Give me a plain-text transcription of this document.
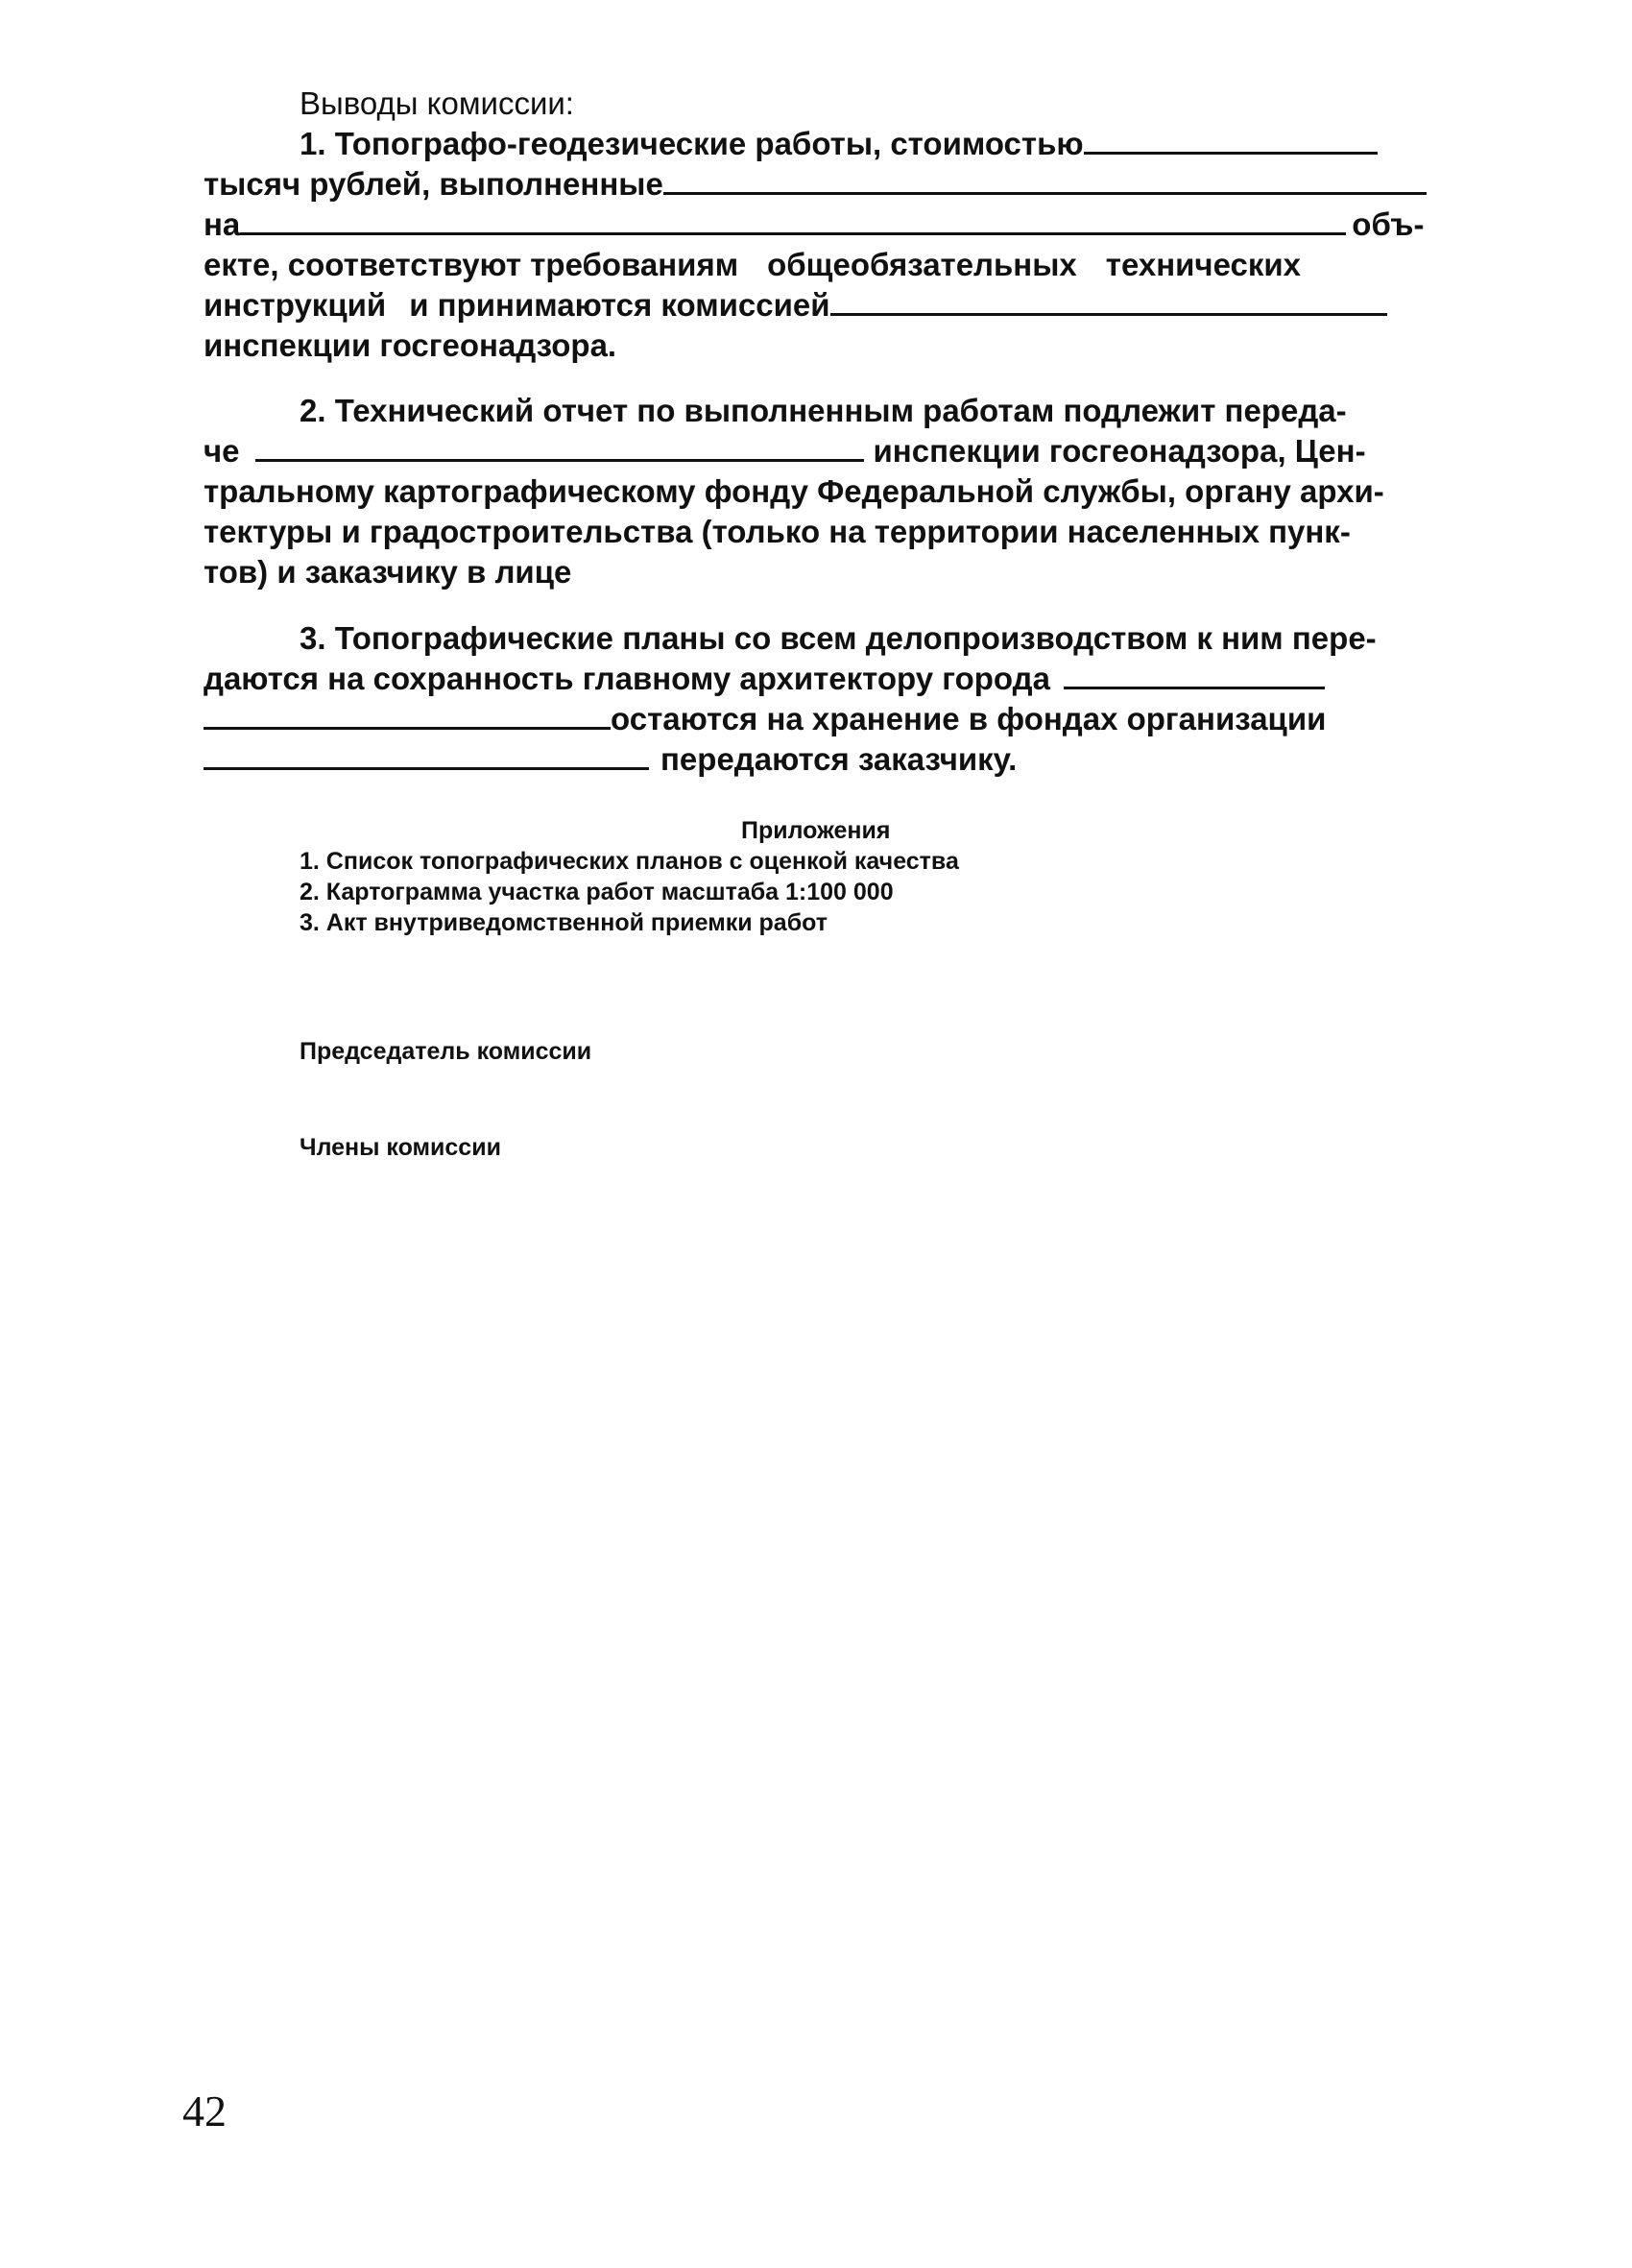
Выводы комиссии:
1. Топографо-геодезические работы, стоимостью
тысяч рублей, выполненные
на	объ-
екте, соответствуют требованиям общеобязательных технических
инструкций и принимаются комиссией
инспекции госгеонадзора.
2. Технический отчет по выполненным работам подлежит переда-
че	инспекции госгеонадзора, Цен-
тральному картографическому фонду Федеральной службы, органу архи-
тектуры и градостроительства (только на территории населенных пунк-
тов) и заказчику в лице
3. Топографические планы со всем делопроизводством к ним пере-
даются на сохранность главному архитектору города
остаются на хранение в фондах организации
передаются заказчику.
Приложения
1. Список топографических планов с оценкой качества
2. Картограмма участка работ масштаба 1:100 000
3. Акт внутриведомственной приемки работ
Председатель комиссии
Члены комиссии
42
